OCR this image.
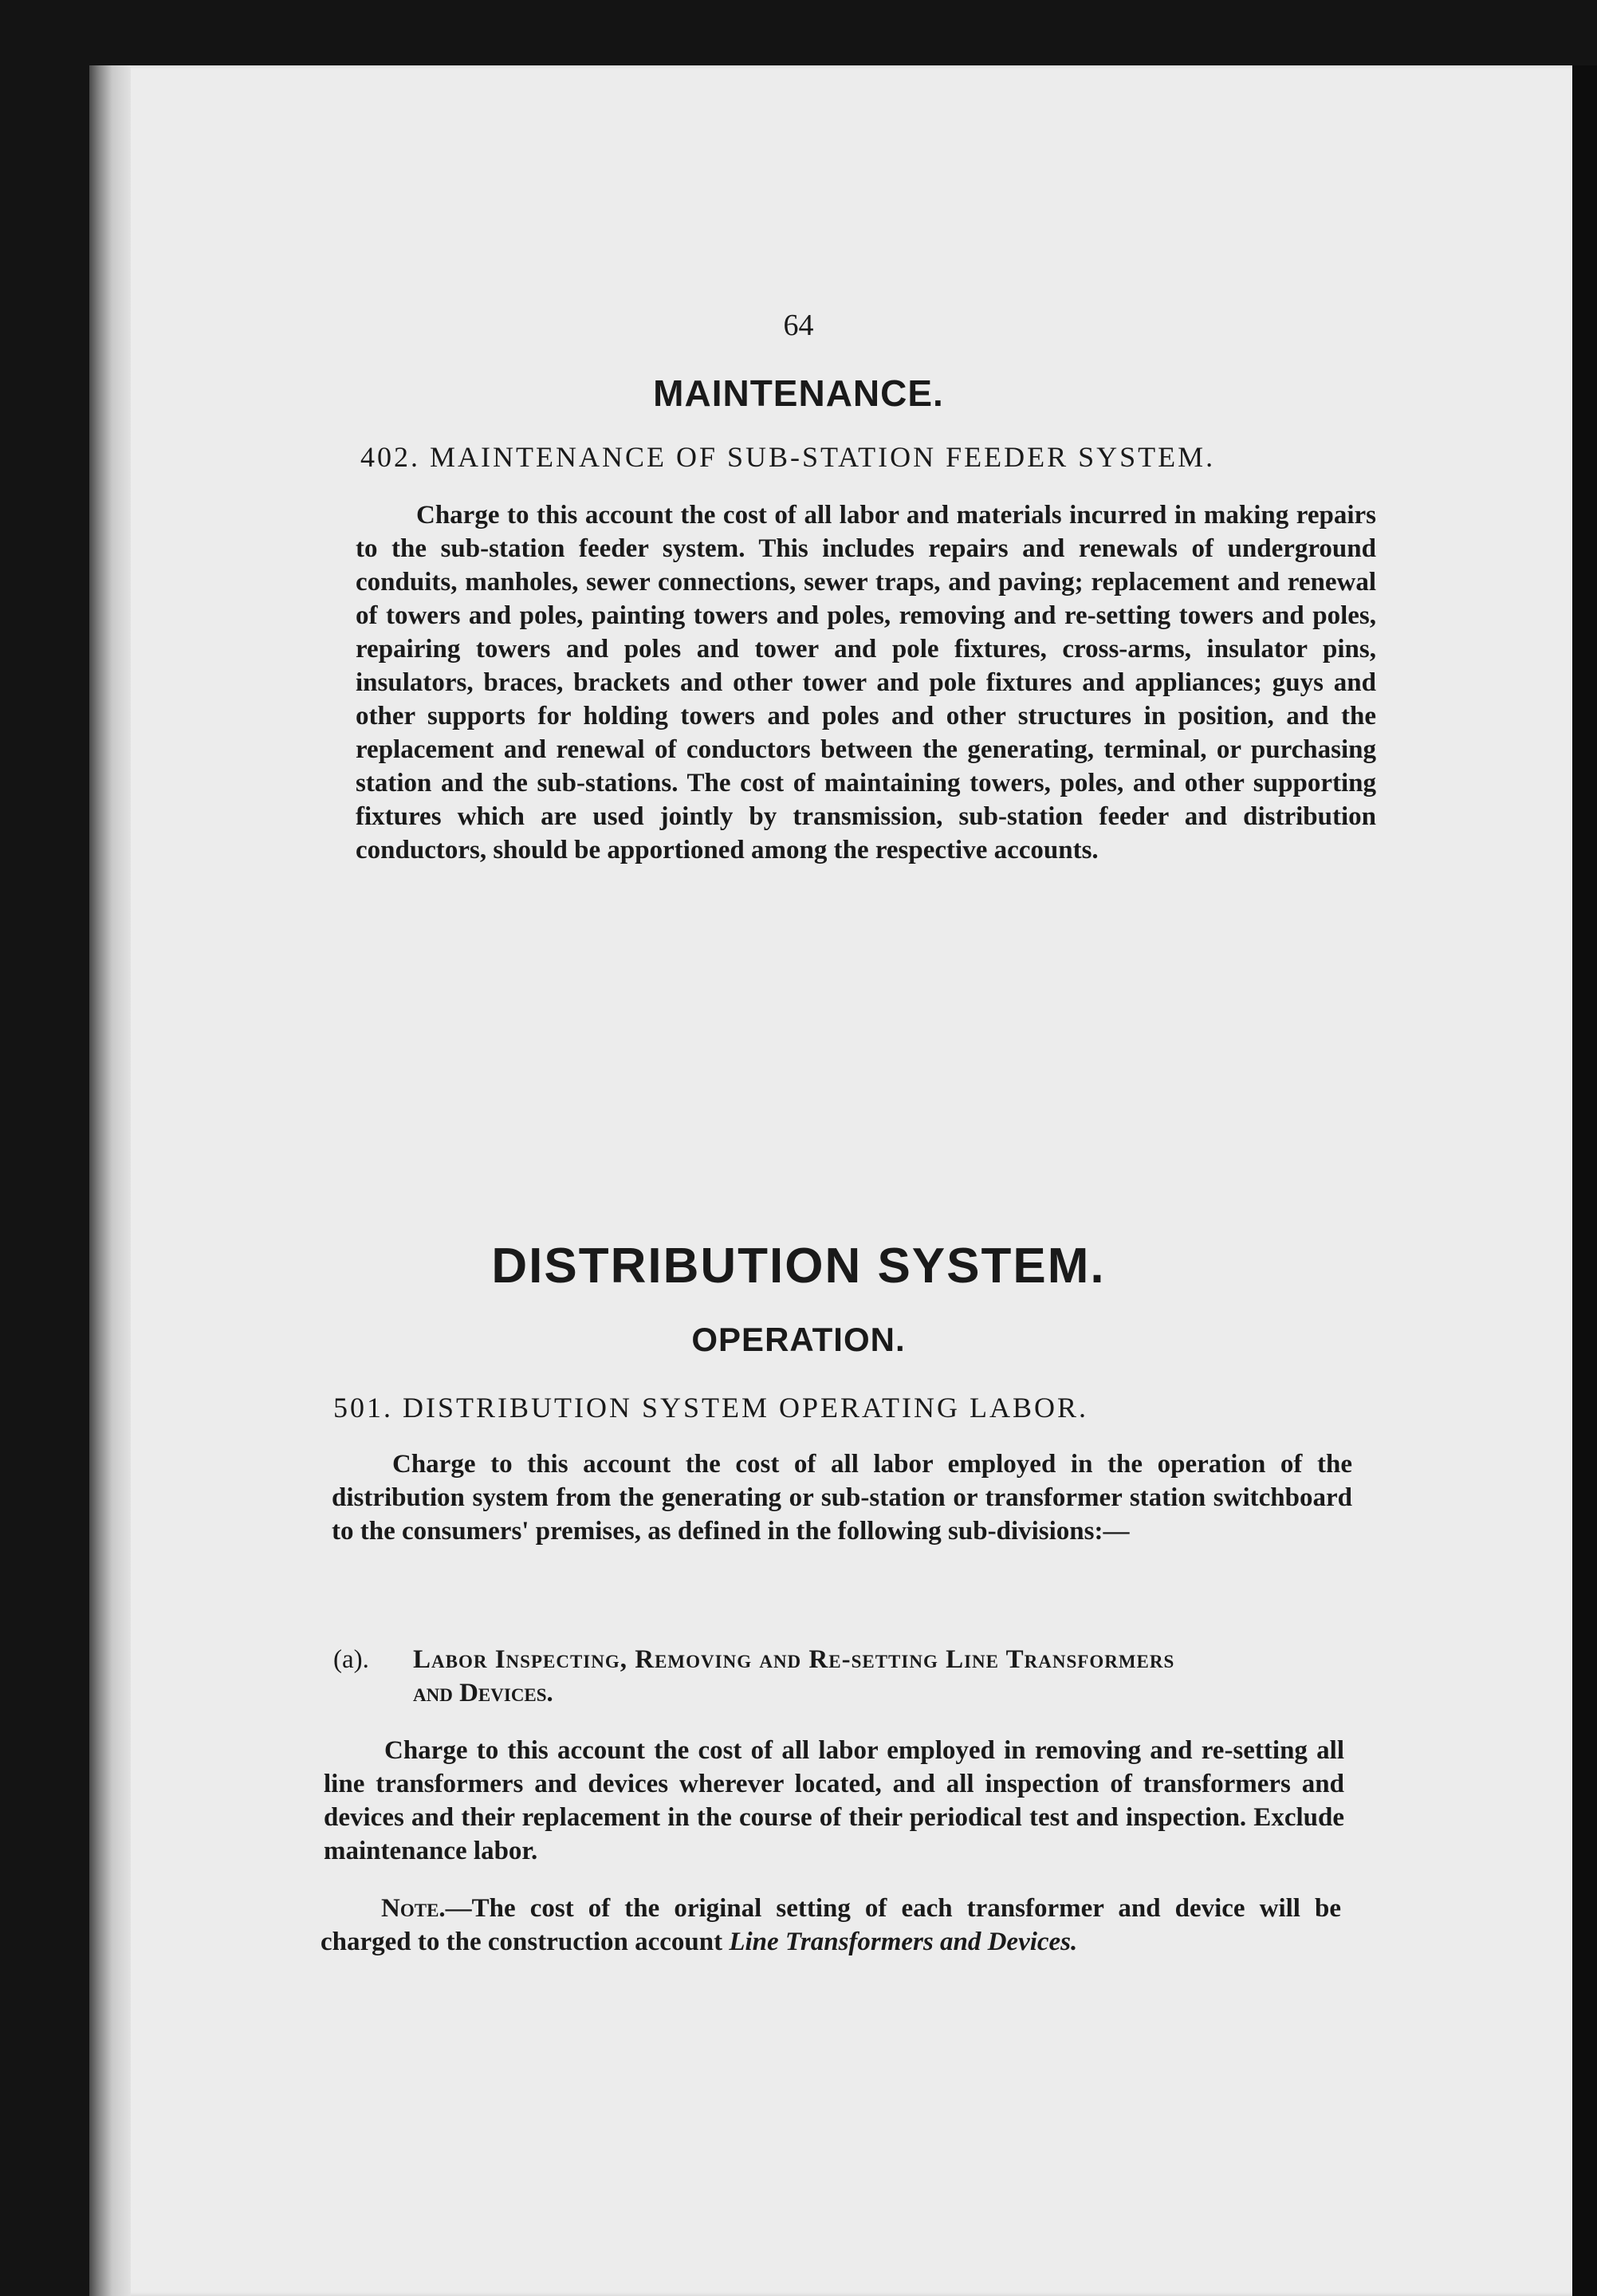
64
MAINTENANCE.
402. MAINTENANCE OF SUB-STATION FEEDER SYSTEM.
Charge to this account the cost of all labor and materials incurred in making repairs to the sub-station feeder system. This includes repairs and renewals of underground conduits, manholes, sewer connections, sewer traps, and paving; replacement and renewal of towers and poles, painting towers and poles, removing and re-setting towers and poles, repairing towers and poles and tower and pole fixtures, cross-arms, insulator pins, insulators, braces, brackets and other tower and pole fixtures and appliances; guys and other supports for holding towers and poles and other structures in position, and the replacement and renewal of conductors between the generating, terminal, or purchasing station and the sub-stations. The cost of maintaining towers, poles, and other supporting fixtures which are used jointly by transmission, sub-station feeder and distribution conductors, should be apportioned among the respective accounts.
DISTRIBUTION SYSTEM.
OPERATION.
501. DISTRIBUTION SYSTEM OPERATING LABOR.
Charge to this account the cost of all labor employed in the operation of the distribution system from the generating or sub-station or transformer station switchboard to the consumers' premises, as defined in the following sub-divisions:—
(a). Labor Inspecting, Removing and Re-setting Line Transformers
and Devices.
Charge to this account the cost of all labor employed in removing and re-setting all line transformers and devices wherever located, and all inspection of transformers and devices and their replacement in the course of their periodical test and inspection. Exclude maintenance labor.
Note.—The cost of the original setting of each transformer and device will be charged to the construction account Line Transformers and Devices.
